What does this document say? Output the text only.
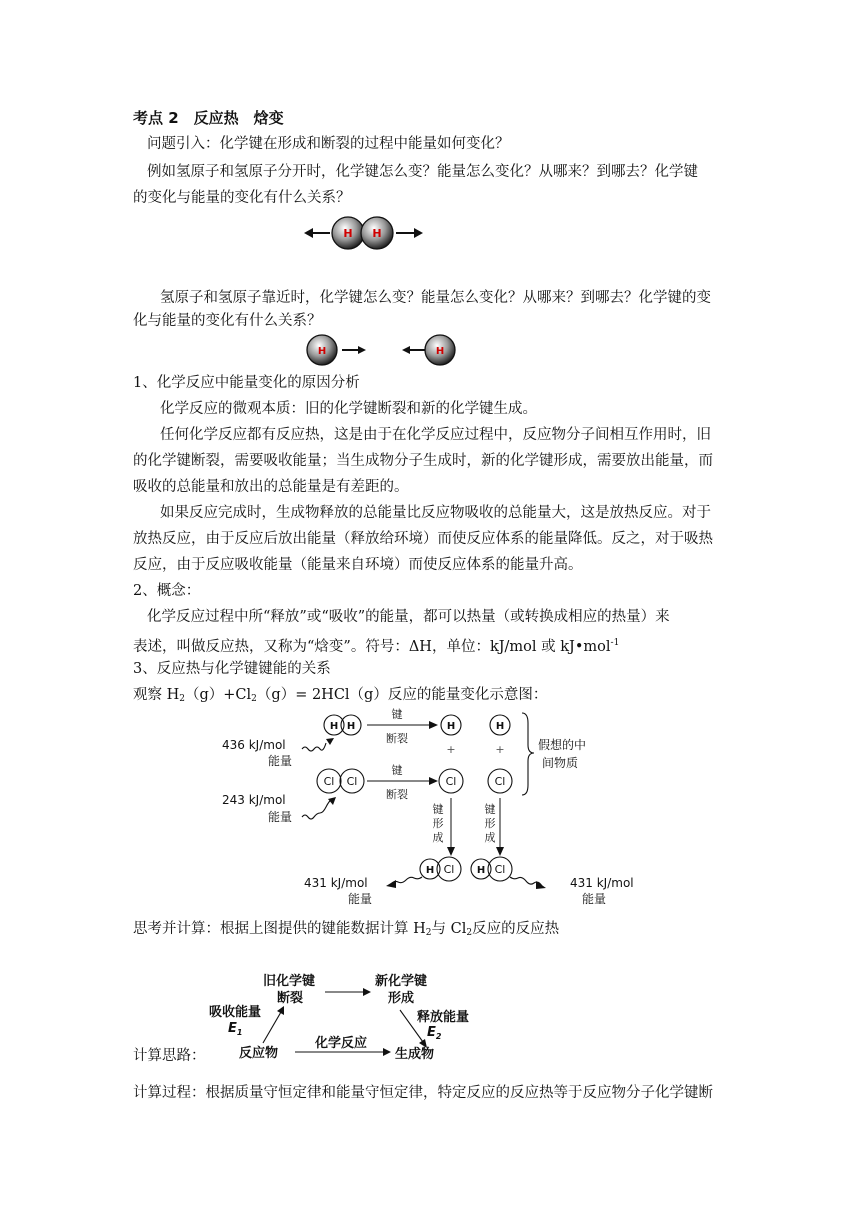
考点 2　反应热　焓变
问题引入：化学键在形成和断裂的过程中能量如何变化？
例如氢原子和氢原子分开时，化学键怎么变？能量怎么变化？从哪来？到哪去？化学键
的变化与能量的变化有什么关系？
H H
氢原子和氢原子靠近时，化学键怎么变？能量怎么变化？从哪来？到哪去？化学键的变
化与能量的变化有什么关系？
H	H
1、化学反应中能量变化的原因分析
化学反应的微观本质：旧的化学键断裂和新的化学键生成。
任何化学反应都有反应热，这是由于在化学反应过程中，反应物分子间相互作用时，旧
的化学键断裂，需要吸收能量；当生成物分子生成时，新的化学键形成，需要放出能量，而
吸收的总能量和放出的总能量是有差距的。
如果反应完成时，生成物释放的总能量比反应物吸收的总能量大，这是放热反应。对于
放热反应，由于反应后放出能量（释放给环境）而使反应体系的能量降低。反之，对于吸热
反应，由于反应吸收能量（能量来自环境）而使反应体系的能量升高。
2、概念：
化学反应过程中所“释放”或“吸收”的能量，都可以热量（或转换成相应的热量）来
表述，叫做反应热，又称为“焓变”。符号：ΔH，单位：kJ/mol 或 kJ•mol$^{-1}$
3、反应热与化学键键能的关系
观察 $H_2(g)+Cl_2(g)= 2HCl(g)$反应的能量变化示意图：
H H	H	H
H	H
Cl Cl	Cl	Cl
Cl	Cl
键
断裂
键
断裂
+	+
键
形
成
键
形
成
假想的中
间物质
436 kJ/mol
能量
243 kJ/mol
能量
431 kJ/mol
能量
431 kJ/mol
能量
思考并计算：根据上图提供的键能数据计算 $H_2$与 $Cl_2$反应的反应热
旧化学键
断裂
新化学键
形成
吸收能量
$E_1$
释放能量
$E_2$
反应物
化学反应
生成物
计算思路：
计算过程：根据质量守恒定律和能量守恒定律，特定反应的反应热等于反应物分子化学键断
